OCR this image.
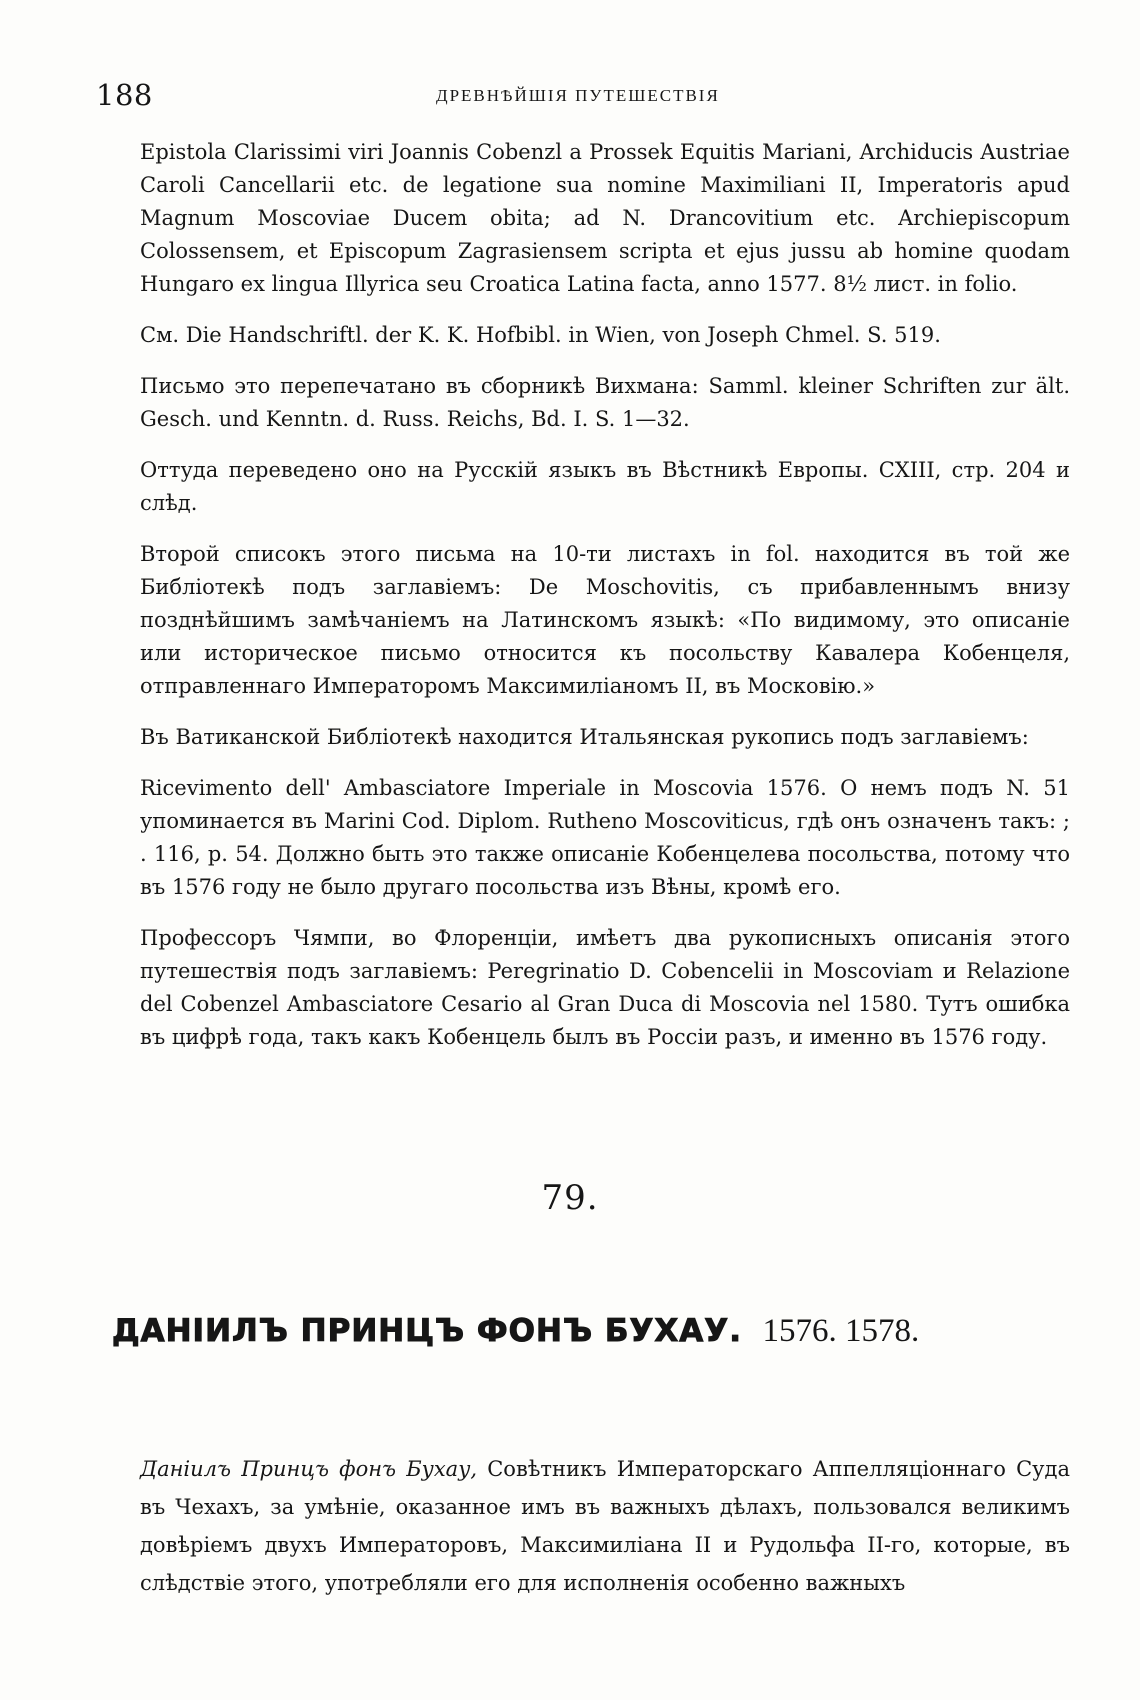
188	ДРЕВНѢЙШІЯ ПУТЕШЕСТВІЯ

Epistola Clarissimi viri Joannis Cobenzl a Prossek Equitis Mariani, Archiducis Austriae Caroli Cancellarii etc. de legatione sua nomine Maximiliani II, Imperatoris apud Magnum Moscoviae Ducem obita; ad N. Drancovitium etc. Archiepiscopum Colossensem, et Episcopum Zagrasiensem scripta et ejus jussu ab homine quodam Hungaro ex lingua Illyrica seu Croatica Latina facta, anno 1577. 8½ лист. in folio.

См. Die Handschriftl. der K. K. Hofbibl. in Wien, von Joseph Chmel. S. 519.

Письмо это перепечатано въ сборникѣ Вихмана: Samml. kleiner Schriften zur ält. Gesch. und Kenntn. d. Russ. Reichs, Bd. I. S. 1—32.

Оттуда переведено оно на Русскій языкъ въ Вѣстникѣ Европы. CXIII, стр. 204 и слѣд.

Второй списокъ этого письма на 10-ти листахъ in fol. находится въ той же Библіотекѣ подъ заглавіемъ: De Moschovitis, съ прибавленнымъ внизу позднѣйшимъ замѣчаніемъ на Латинскомъ языкѣ: «По видимому, это описаніе или историческое письмо относится къ посольству Кавалера Кобенцеля, отправленнаго Императоромъ Максимиліаномъ II, въ Московію.»

Въ Ватиканской Библіотекѣ находится Итальянская рукопись подъ заглавіемъ:

Ricevimento dell' Ambasciatore Imperiale in Moscovia 1576. О немъ подъ N. 51 упоминается въ Marini Cod. Diplom. Rutheno Moscoviticus, гдѣ онъ означенъ такъ: ; . 116, p. 54. Должно быть это также описаніе Кобенцелева посольства, потому что въ 1576 году не было другаго посольства изъ Вѣны, кромѣ его.

Профессоръ Чямпи, во Флоренціи, имѣетъ два рукописныхъ описанія этого путешествія подъ заглавіемъ: Peregrinatio D. Cobencelii in Moscoviam и Relazione del Cobenzel Ambasciatore Cesario al Gran Duca di Moscovia nel 1580. Тутъ ошибка въ цифрѣ года, такъ какъ Кобенцель былъ въ Россіи разъ, и именно въ 1576 году.

79.
ДАНІИЛЪ ПРИНЦЪ ФОНЪ БУХАУ. 1576. 1578.

Даніилъ Принцъ фонъ Бухау, Совѣтникъ Императорскаго Аппелляціоннаго Суда въ Чехахъ, за умѣніе, оказанное имъ въ важныхъ дѣлахъ, пользовался великимъ довѣріемъ двухъ Императоровъ, Максимиліана II и Рудольфа II-го, которые, въ слѣдствіе этого, употребляли его для исполненія особенно важныхъ
